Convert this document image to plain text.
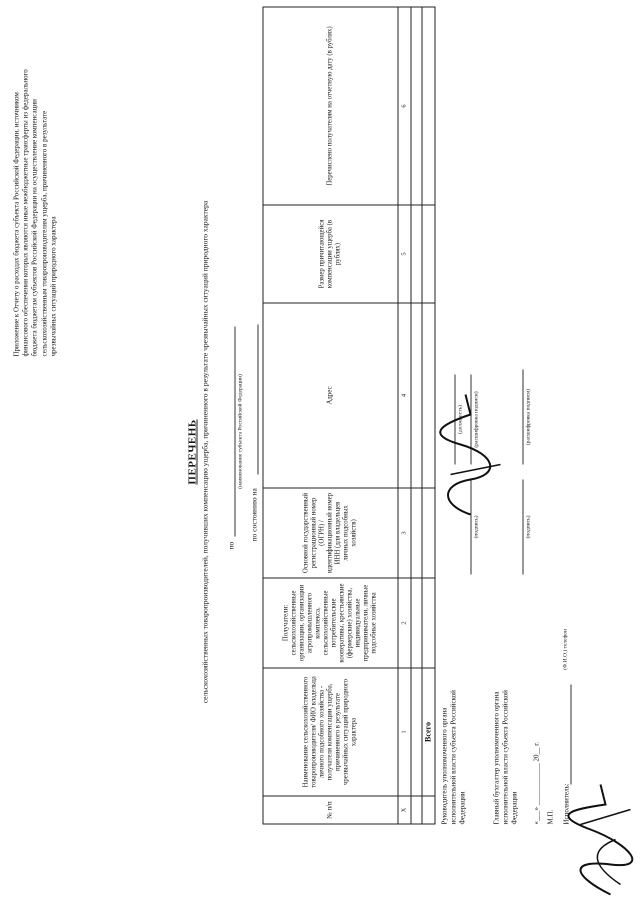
Приложение к Отчету о расходах бюджета субъекта Российской Федерации, источником финансового обеспечения которых являются иные межбюджетные трансферты из федерального бюджета бюджетам субъектов Российской Федерации на осуществление компенсации сельскохозяйственным товаропроизводителям ущерба, причиненного в результате чрезвычайных ситуаций природного характера
ПЕРЕЧЕНЬ сельскохозяйственных товаропроизводителей, получивших компенсацию ущерба, причиненного в результате чрезвычайных ситуаций природного характера по
(наименование субъекта Российской Федерации)
по состоянию на
№ п/п	Наименование сельскохозяйственного товаропроизводителя/ ФИО владельца личного подсобного хозяйства - получателя компенсации ущерба, причиненного в результате чрезвычайных ситуаций природного характера	Получатели: сельскохозяйственные организации, организации агропромышленного комплекса, сельскохозяйственные потребительские кооперативы, крестьянские (фермерские) хозяйства, индивидуальные предприниматели, личные подсобные хозяйства	Основной государственный регистрационный номер (ОГРН) / идентификационный номер ИНН (для владельцев личных подсобных хозяйств)	Адрес	Размер причитающейся компенсации ущерба (в рублях)	Перечислено получателям на отчетную дату (в рублях)
X	1	2	3	4	5	6

	Всего					Руководитель уполномоченного органа исполнительной власти субъекта Российской Федерации
(подпись)
(расшифровка подписи)
(должность)
Главный бухгалтер уполномоченного органа исполнительной власти субъекта Российской Федерации
(подпись)
(расшифровка подписи)
«___» ____________ 20__ г. М.П. Исполнитель:
(Ф.И.О.) телефон
